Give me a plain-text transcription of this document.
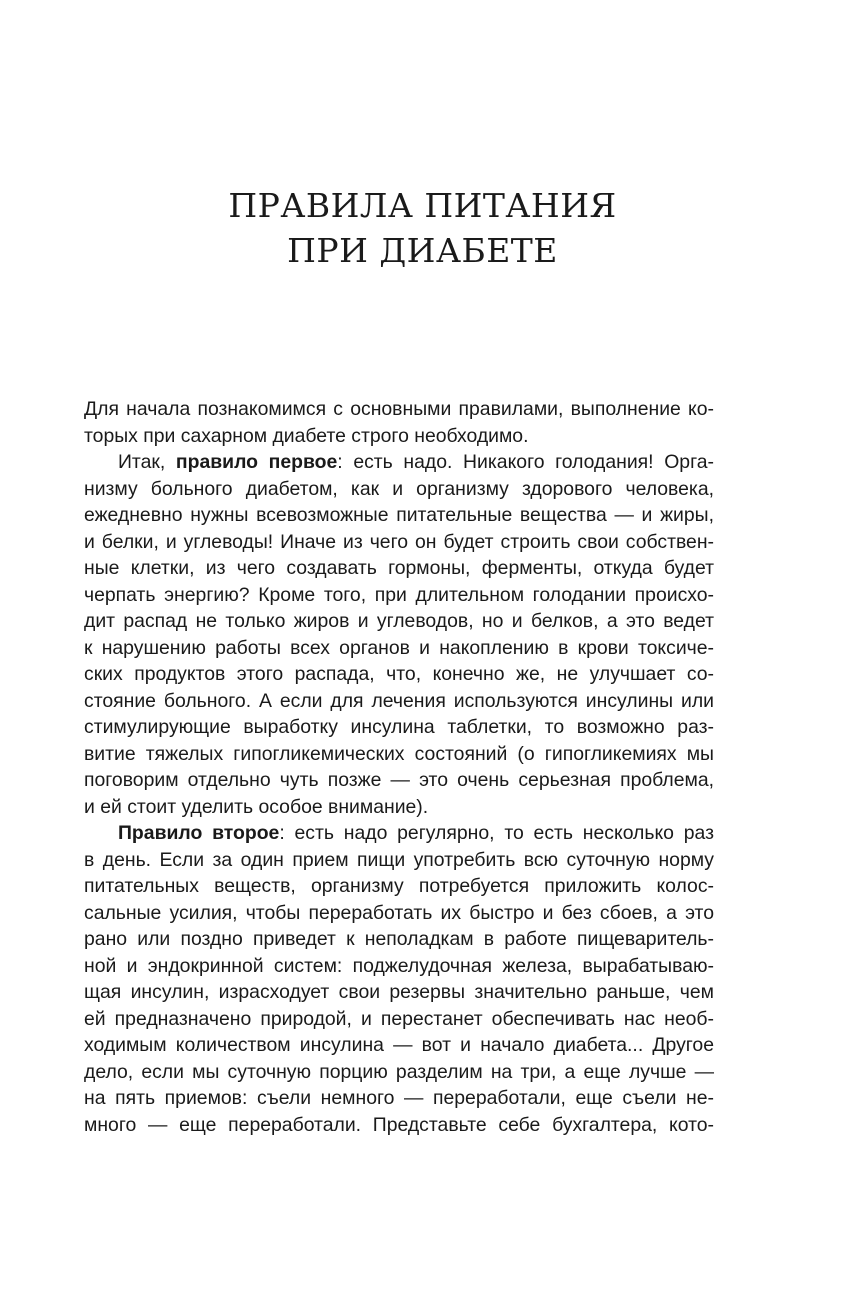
ПРАВИЛА ПИТАНИЯ
ПРИ ДИАБЕТЕ
Для начала познакомимся с основными правилами, выполнение ко-
торых при сахарном диабете строго необходимо.
Итак, правило первое: есть надо. Никакого голодания! Орга-
низму больного диабетом, как и организму здорового человека,
ежедневно нужны всевозможные питательные вещества — и жиры,
и белки, и углеводы! Иначе из чего он будет строить свои собствен-
ные клетки, из чего создавать гормоны, ферменты, откуда будет
черпать энергию? Кроме того, при длительном голодании происхо-
дит распад не только жиров и углеводов, но и белков, а это ведет
к нарушению работы всех органов и накоплению в крови токсиче-
ских продуктов этого распада, что, конечно же, не улучшает со-
стояние больного. А если для лечения используются инсулины или
стимулирующие выработку инсулина таблетки, то возможно раз-
витие тяжелых гипогликемических состояний (о гипогликемиях мы
поговорим отдельно чуть позже — это очень серьезная проблема,
и ей стоит уделить особое внимание).
Правило второе: есть надо регулярно, то есть несколько раз
в день. Если за один прием пищи употребить всю суточную норму
питательных веществ, организму потребуется приложить колос-
сальные усилия, чтобы переработать их быстро и без сбоев, а это
рано или поздно приведет к неполадкам в работе пищеваритель-
ной и эндокринной систем: поджелудочная железа, вырабатываю-
щая инсулин, израсходует свои резервы значительно раньше, чем
ей предназначено природой, и перестанет обеспечивать нас необ-
ходимым количеством инсулина — вот и начало диабета... Другое
дело, если мы суточную порцию разделим на три, а еще лучше —
на пять приемов: съели немного — переработали, еще съели не-
много — еще переработали. Представьте себе бухгалтера, кото-
